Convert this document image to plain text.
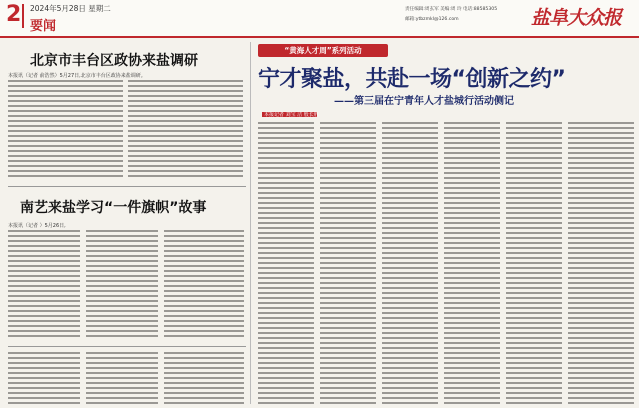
2 2024年5月28日 星期二
要闻
责任编辑:周玄军 美编:周 玲 电话:88585305
邮箱:ytbzmkl@126.com	盐阜大众报
北京市丰台区政协来盐调研
本报讯（记者 俞浩然）5月27日,北京市丰台区政协来盐调研。
南艺来盐学习“一件旗帜”故事
本报讯（记者 ）5月26日,
“黄海人才周”系列活动
宁才聚盐，共赴一场“创新之约”
——第三届在宁青年人才盐城行活动侧记
本报记者 刘宝 洁 殷长胜
